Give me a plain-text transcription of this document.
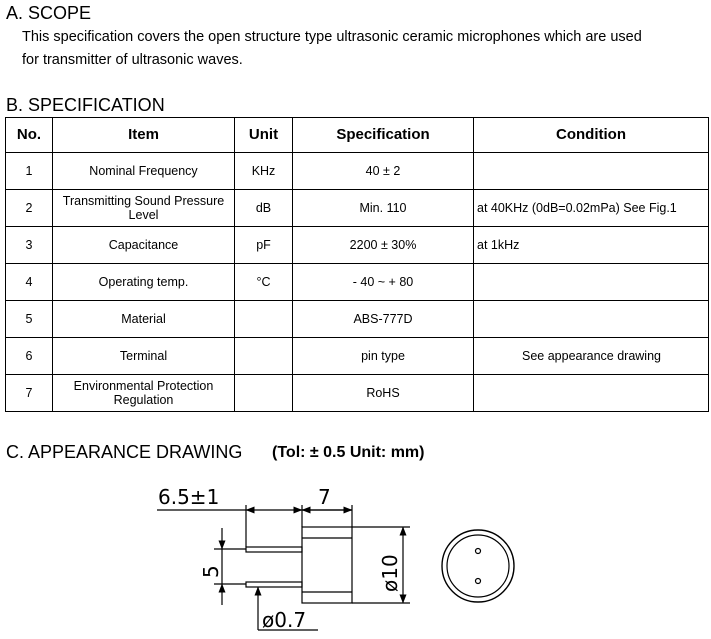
A. SCOPE
This specification covers the open structure type ultrasonic ceramic microphones which are used
for transmitter of ultrasonic waves.
B. SPECIFICATION
No.	Item	Unit	Specification	Condition
1	Nominal Frequency	KHz	40 ± 2	
2	Transmitting Sound Pressure Level	dB	Min. 110	at 40KHz (0dB=0.02mPa) See Fig.1
3	Capacitance	pF	2200 ± 30%	at 1kHz
4	Operating temp.	°C	- 40 ~ + 80	
5	Material		ABS-777D	
6	Terminal		pin type	See appearance drawing
7	Environmental Protection Regulation		RoHS	
C. APPEARANCE DRAWING (Tol: ± 0.5 Unit: mm)
6.5±1	7
5	ø10
ø0.7
